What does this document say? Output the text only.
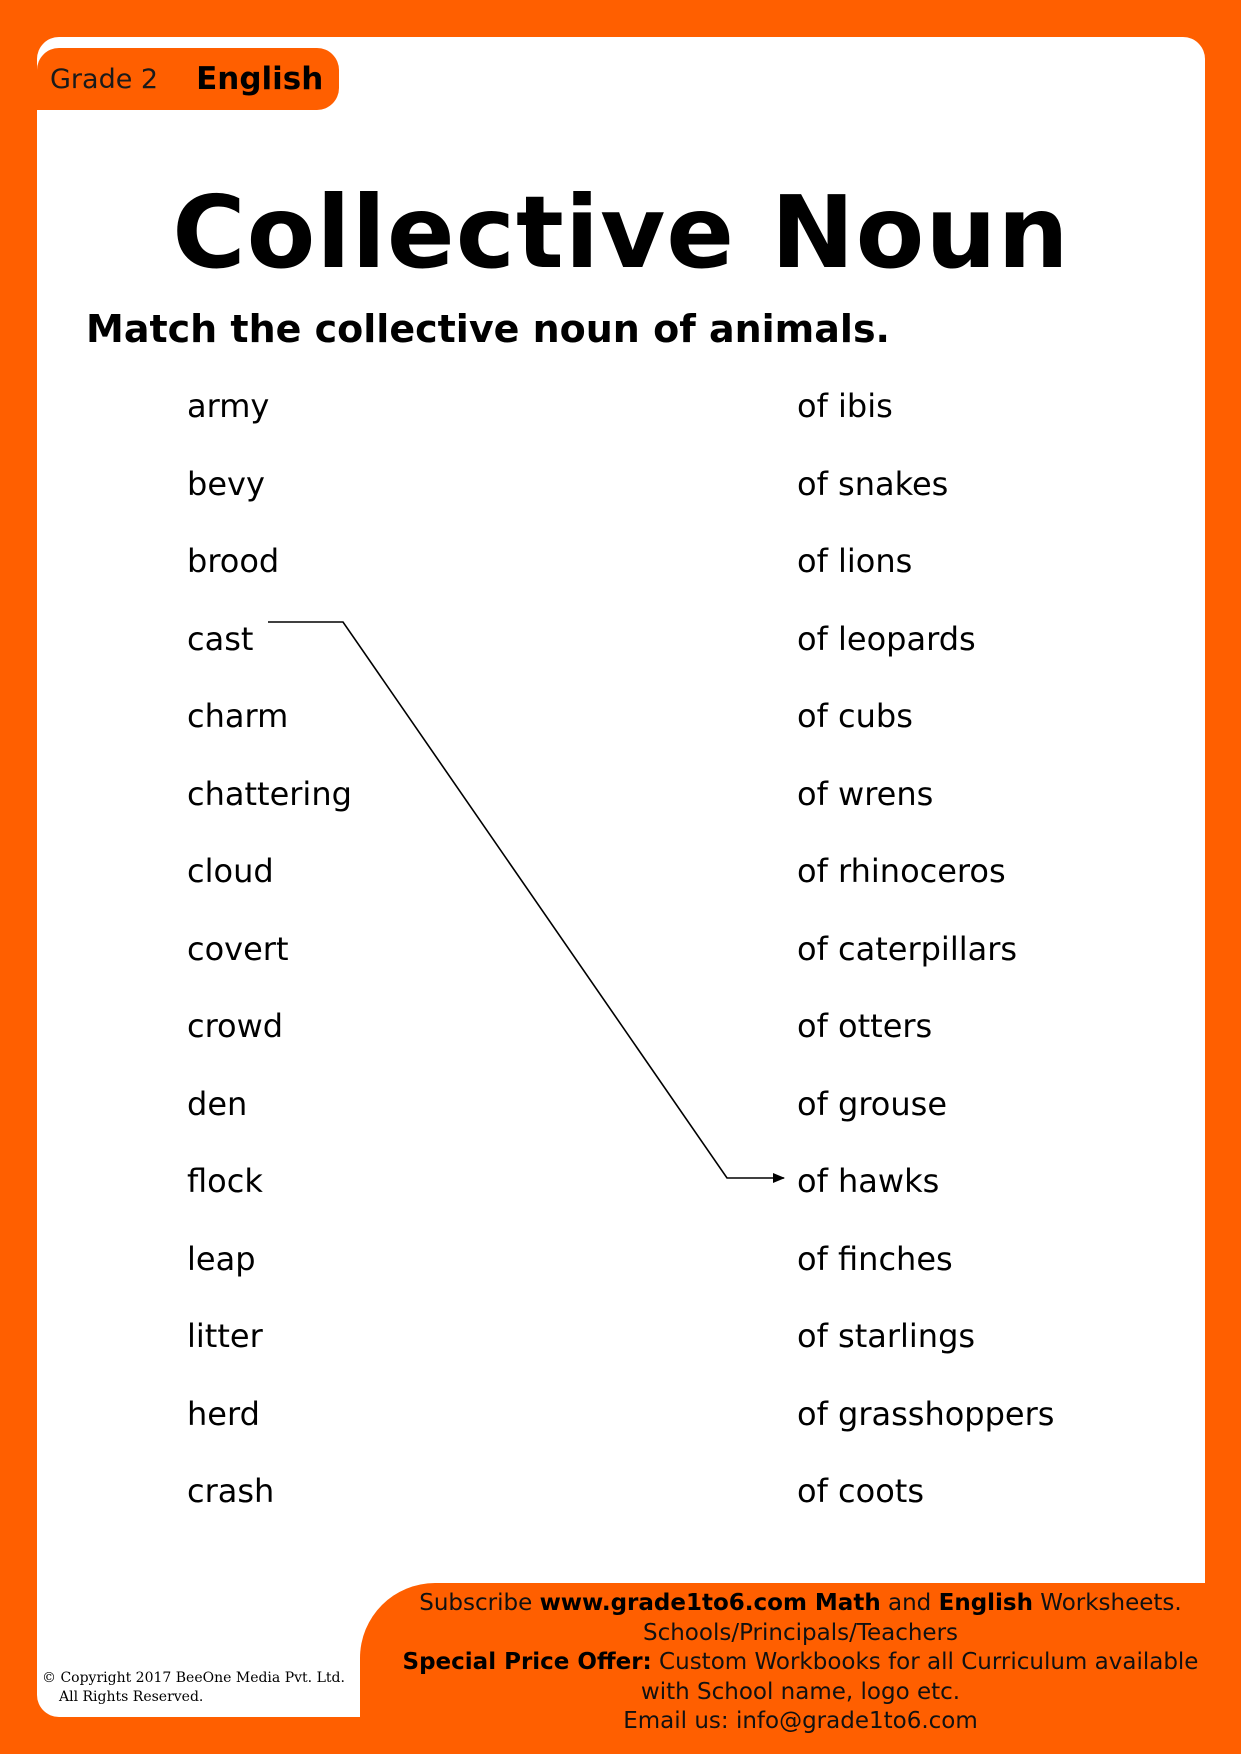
Grade 2 English
Collective Noun

Match the collective noun of animals.

army
bevy
brood
cast
charm
chattering
cloud
covert
crowd
den
flock
leap
litter
herd
crash
of ibis
of snakes
of lions
of leopards
of cubs
of wrens
of rhinoceros
of caterpillars
of otters
of grouse
of hawks
of finches
of starlings
of grasshoppers
of coots
Subscribe www.grade1to6.com Math and English Worksheets.
Schools/Principals/Teachers
Special Price Offer: Custom Workbooks for all Curriculum available
with School name, logo etc.
Email us: info@grade1to6.com
© Copyright 2017 BeeOne Media Pvt. Ltd.
All Rights Reserved.
